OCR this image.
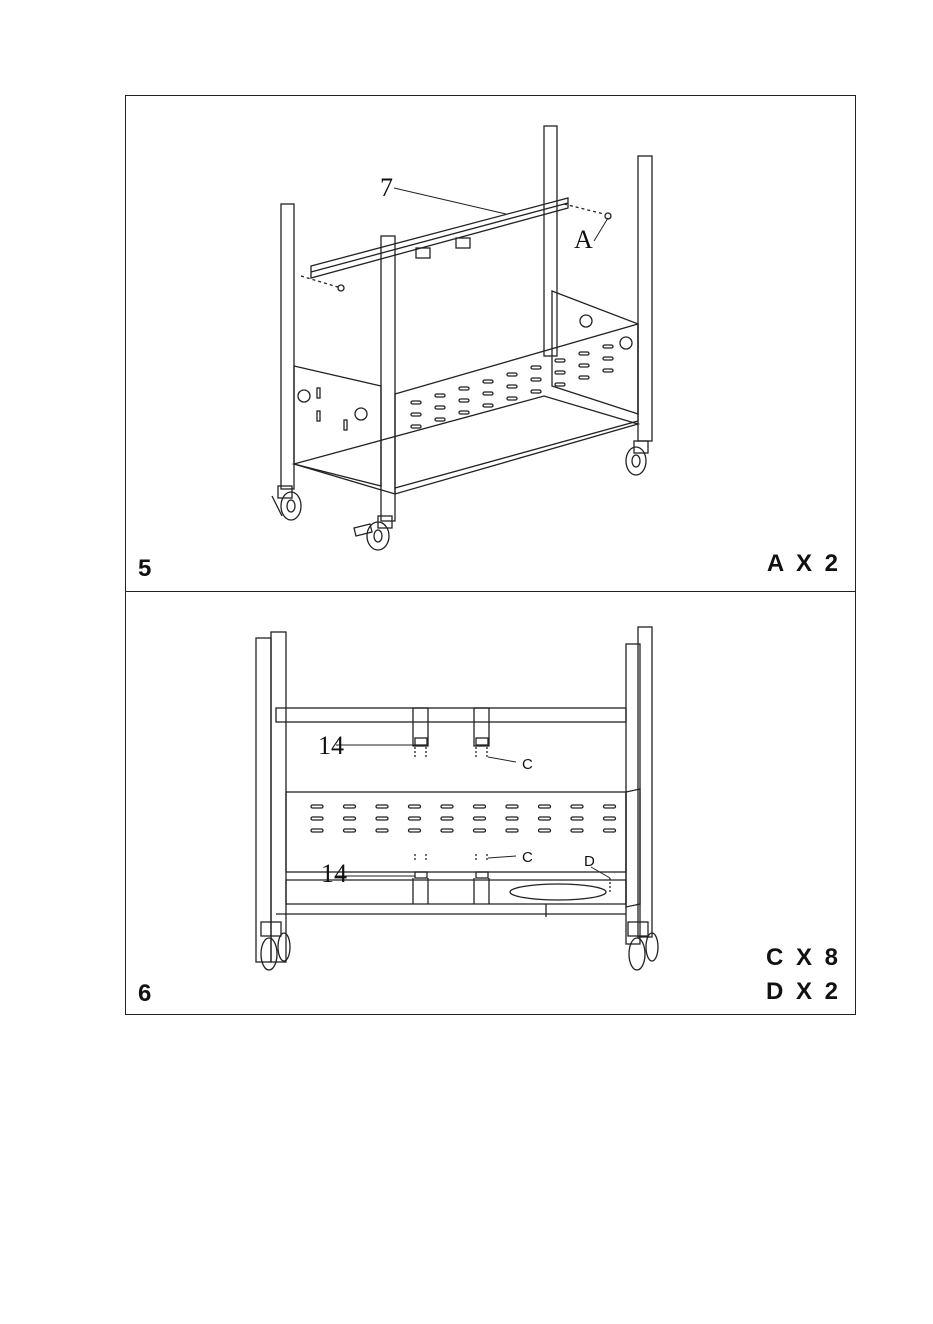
7
A
5	A X 2
14
14
C
C	D
6
C X 8
D X 2
